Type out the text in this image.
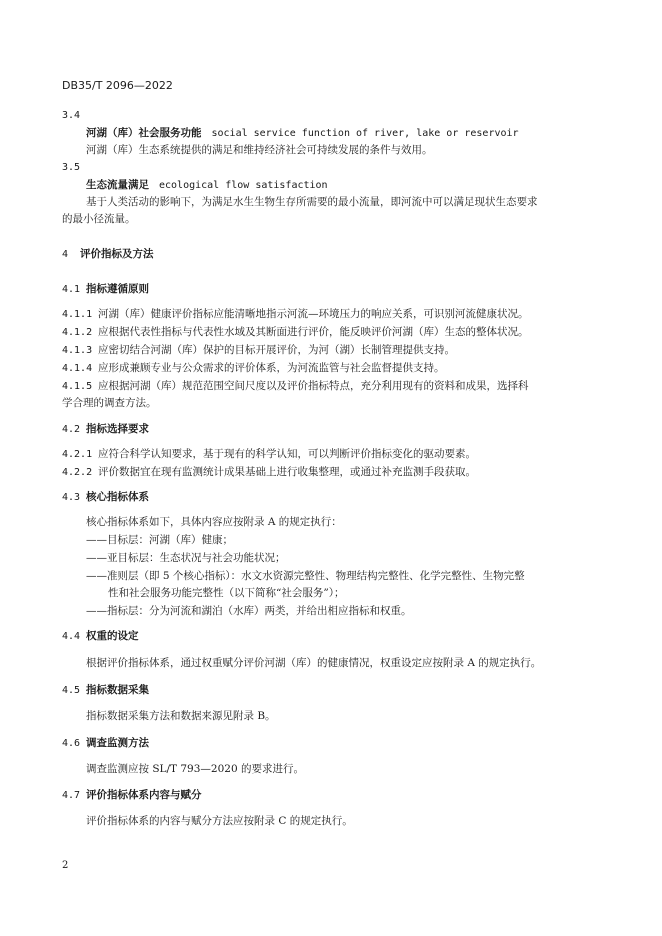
DB35/T 2096—2022
3.4
河湖（库）社会服务功能 social service function of river, lake or reservoir
河湖（库）生态系统提供的满足和维持经济社会可持续发展的条件与效用。
3.5
生态流量满足 ecological flow satisfaction
基于人类活动的影响下，为满足水生生物生存所需要的最小流量，即河流中可以满足现状生态要求
的最小径流量。
4 评价指标及方法
4.1 指标遵循原则
4.1.1 河湖（库）健康评价指标应能清晰地指示河流—环境压力的响应关系，可识别河流健康状况。
4.1.2 应根据代表性指标与代表性水域及其断面进行评价，能反映评价河湖（库）生态的整体状况。
4.1.3 应密切结合河湖（库）保护的目标开展评价，为河（湖）长制管理提供支持。
4.1.4 应形成兼顾专业与公众需求的评价体系，为河流监管与社会监督提供支持。
4.1.5 应根据河湖（库）规范范围空间尺度以及评价指标特点，充分利用现有的资料和成果，选择科
学合理的调查方法。
4.2 指标选择要求
4.2.1 应符合科学认知要求，基于现有的科学认知，可以判断评价指标变化的驱动要素。
4.2.2 评价数据宜在现有监测统计成果基础上进行收集整理，或通过补充监测手段获取。
4.3 核心指标体系
核心指标体系如下，具体内容应按附录 A 的规定执行：
——目标层：河湖（库）健康；
——亚目标层：生态状况与社会功能状况；
——准则层（即 5 个核心指标）：水文水资源完整性、物理结构完整性、化学完整性、生物完整
性和社会服务功能完整性（以下简称“社会服务”）；
——指标层：分为河流和湖泊（水库）两类，并给出相应指标和权重。
4.4 权重的设定
根据评价指标体系，通过权重赋分评价河湖（库）的健康情况，权重设定应按附录 A 的规定执行。
4.5 指标数据采集
指标数据采集方法和数据来源见附录 B。
4.6 调查监测方法
调查监测应按 SL/T 793—2020 的要求进行。
4.7 评价指标体系内容与赋分
评价指标体系的内容与赋分方法应按附录 C 的规定执行。
2
